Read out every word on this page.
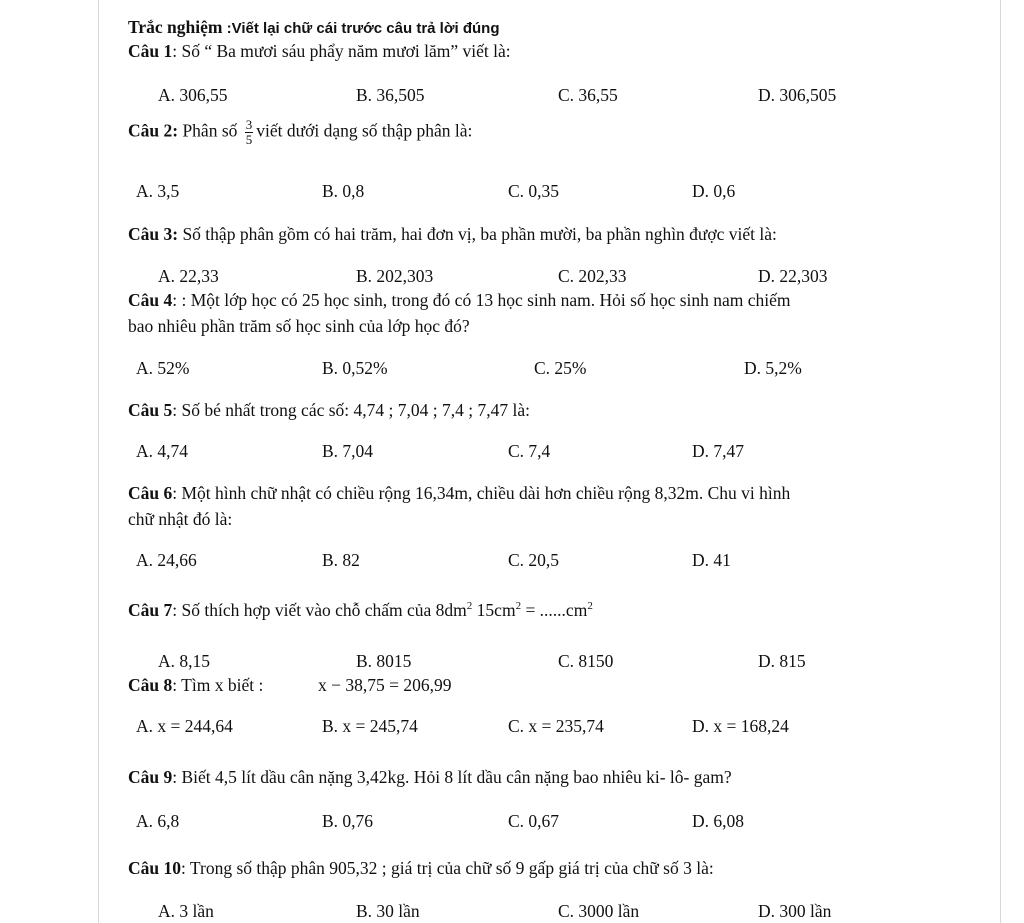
Trắc nghiệm :Viết lại chữ cái trước câu trả lời đúng
Câu 1: Số “ Ba mươi sáu phẩy năm mươi lăm” viết là:
A. 306,55	B. 36,505	C. 36,55	D. 306,505
Câu 2: Phân số $\frac{3}{5}$ viết dưới dạng số thập phân là:
A. 3,5	B. 0,8	C. 0,35	D. 0,6
Câu 3: Số thập phân gồm có hai trăm, hai đơn vị, ba phần mười, ba phần nghìn được viết là:
A. 22,33	B. 202,303	C. 202,33	D. 22,303
Câu 4: : Một lớp học có 25 học sinh, trong đó có 13 học sinh nam. Hỏi số học sinh nam chiếm
bao nhiêu phần trăm số học sinh của lớp học đó?
A. 52%	B. 0,52%	C. 25%	D. 5,2%
Câu 5: Số bé nhất trong các số: 4,74 ; 7,04 ; 7,4 ; 7,47 là:
A. 4,74	B. 7,04	C. 7,4	D. 7,47
Câu 6: Một hình chữ nhật có chiều rộng 16,34m, chiều dài hơn chiều rộng 8,32m. Chu vi hình
chữ nhật đó là:
A. 24,66	B. 82	C. 20,5	D. 41
Câu 7: Số thích hợp viết vào chỗ chấm của $8dm^2$ $15cm^2 = ......cm^2$
A. 8,15	B. 8015	C. 8150	D. 815
Câu 8: Tìm x biết :	x − 38,75 = 206,99
A. x = 244,64	B. x = 245,74	C. x = 235,74	D. x = 168,24
Câu 9: Biết 4,5 lít dầu cân nặng 3,42kg. Hỏi 8 lít dầu cân nặng bao nhiêu ki- lô- gam?
A. 6,8	B. 0,76	C. 0,67	D. 6,08
Câu 10: Trong số thập phân 905,32 ; giá trị của chữ số 9 gấp giá trị của chữ số 3 là:
A. 3 lần	B. 30 lần	C. 3000 lần	D. 300 lần
